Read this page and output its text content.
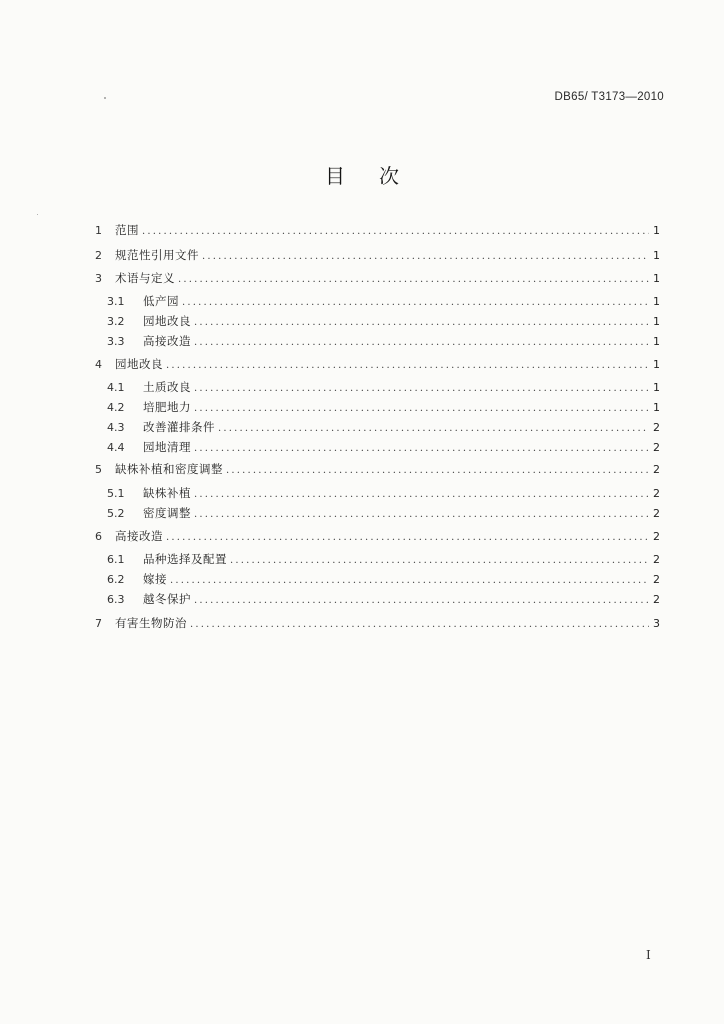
DB65/ T3173—2010
目次
1	范围 .....	1
2	规范性引用文件 .....	1
3	术语与定义 .....	1
3.1	低产园 .....	1
3.2	园地改良 .....	1
3.3	高接改造 .....	1
4	园地改良 .....	1
4.1	土质改良 .....	1
4.2	培肥地力 .....	1
4.3	改善灌排条件 .....	2
4.4	园地清理 .....	2
5	缺株补植和密度调整 .....	2
5.1	缺株补植 .....	2
5.2	密度调整 .....	2
6	高接改造 .....	2
6.1	品种选择及配置 .....	2
6.2	嫁接 .....	2
6.3	越冬保护 .....	2
7	有害生物防治 .....	3
I
